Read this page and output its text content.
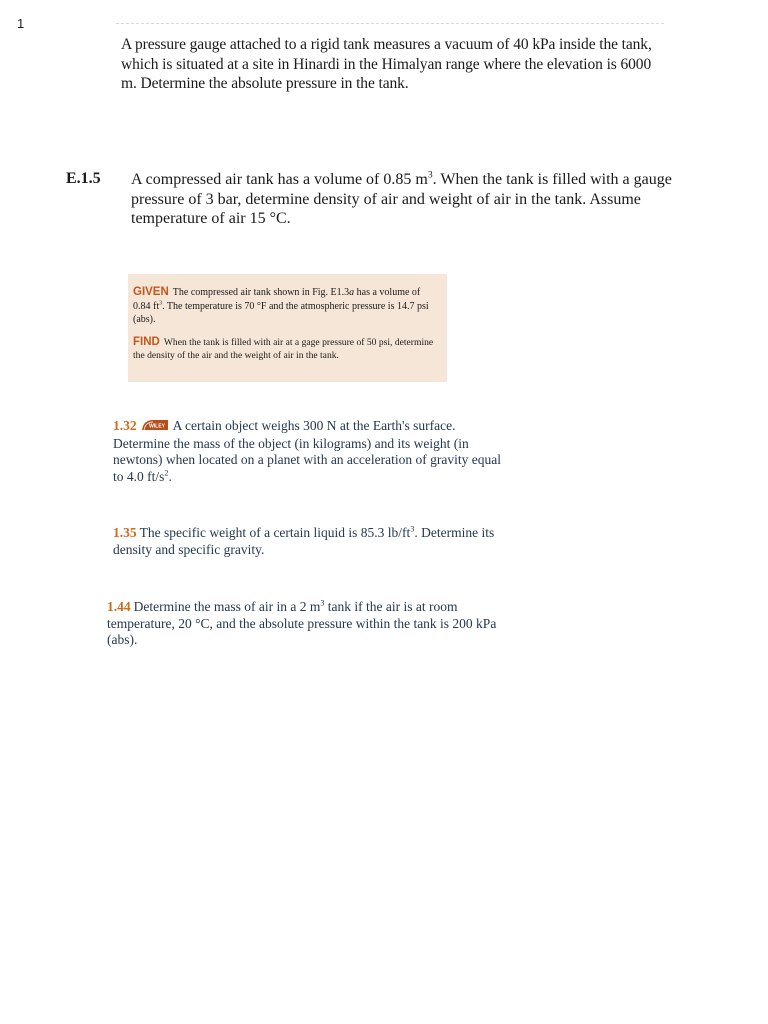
1
A pressure gauge attached to a rigid tank measures a vacuum of 40 kPa inside the tank, which is situated at a site in Hinardi in the Himalyan range where the elevation is 6000 m. Determine the absolute pressure in the tank.
E.1.5 A compressed air tank has a volume of 0.85 $m^3$. When the tank is filled with a gauge pressure of 3 bar, determine density of air and weight of air in the tank. Assume temperature of air 15 °C.

GIVEN The compressed air tank shown in Fig. E1.3a has a volume of 0.84 $ft^3$. The temperature is 70 °F and the atmospheric pressure is 14.7 psi (abs).

FIND When the tank is filled with air at a gage pressure of 50 psi, determine the density of the air and the weight of air in the tank.

1.32 WILEY A certain object weighs 300 N at the Earth's surface. Determine the mass of the object (in kilograms) and its weight (in newtons) when located on a planet with an acceleration of gravity equal to 4.0 $ft/s^2$.
1.35 The specific weight of a certain liquid is 85.3 $lb/ft^3$. Determine its density and specific gravity.
1.44 Determine the mass of air in a 2 $m^3$ tank if the air is at room temperature, 20 °C, and the absolute pressure within the tank is 200 kPa (abs).
